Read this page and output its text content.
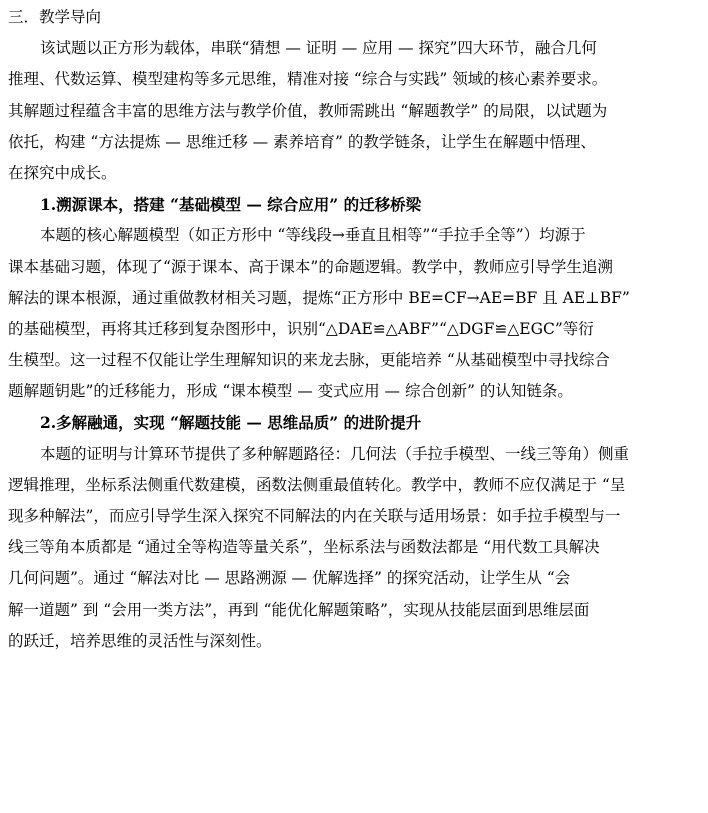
三．教学导向
该试题以正方形为载体，串联“猜想 — 证明 — 应用 — 探究”四大环节，融合几何
推理、代数运算、模型建构等多元思维，精准对接 “综合与实践” 领域的核心素养要求。
其解题过程蕴含丰富的思维方法与教学价值，教师需跳出 “解题教学” 的局限，以试题为
依托，构建 “方法提炼 — 思维迁移 — 素养培育” 的教学链条，让学生在解题中悟理、
在探究中成长。
1.溯源课本，搭建 “基础模型 — 综合应用” 的迁移桥梁
本题的核心解题模型（如正方形中 “等线段→垂直且相等”“手拉手全等”）均源于
课本基础习题，体现了“源于课本、高于课本”的命题逻辑。教学中，教师应引导学生追溯
解法的课本根源，通过重做教材相关习题，提炼“正方形中 BE=CF→AE=BF 且 AE⊥BF”
的基础模型，再将其迁移到复杂图形中，识别“△DAE≌△ABF”“△DGF≌△EGC”等衍
生模型。这一过程不仅能让学生理解知识的来龙去脉，更能培养 “从基础模型中寻找综合
题解题钥匙”的迁移能力，形成 “课本模型 — 变式应用 — 综合创新” 的认知链条。
2.多解融通，实现 “解题技能 — 思维品质” 的进阶提升
本题的证明与计算环节提供了多种解题路径：几何法（手拉手模型、一线三等角）侧重
逻辑推理，坐标系法侧重代数建模，函数法侧重最值转化。教学中，教师不应仅满足于 “呈
现多种解法”，而应引导学生深入探究不同解法的内在关联与适用场景：如手拉手模型与一
线三等角本质都是 “通过全等构造等量关系”，坐标系法与函数法都是 “用代数工具解决
几何问题”。通过 “解法对比 — 思路溯源 — 优解选择” 的探究活动，让学生从 “会
解一道题” 到 “会用一类方法”，再到 “能优化解题策略”，实现从技能层面到思维层面
的跃迁，培养思维的灵活性与深刻性。
